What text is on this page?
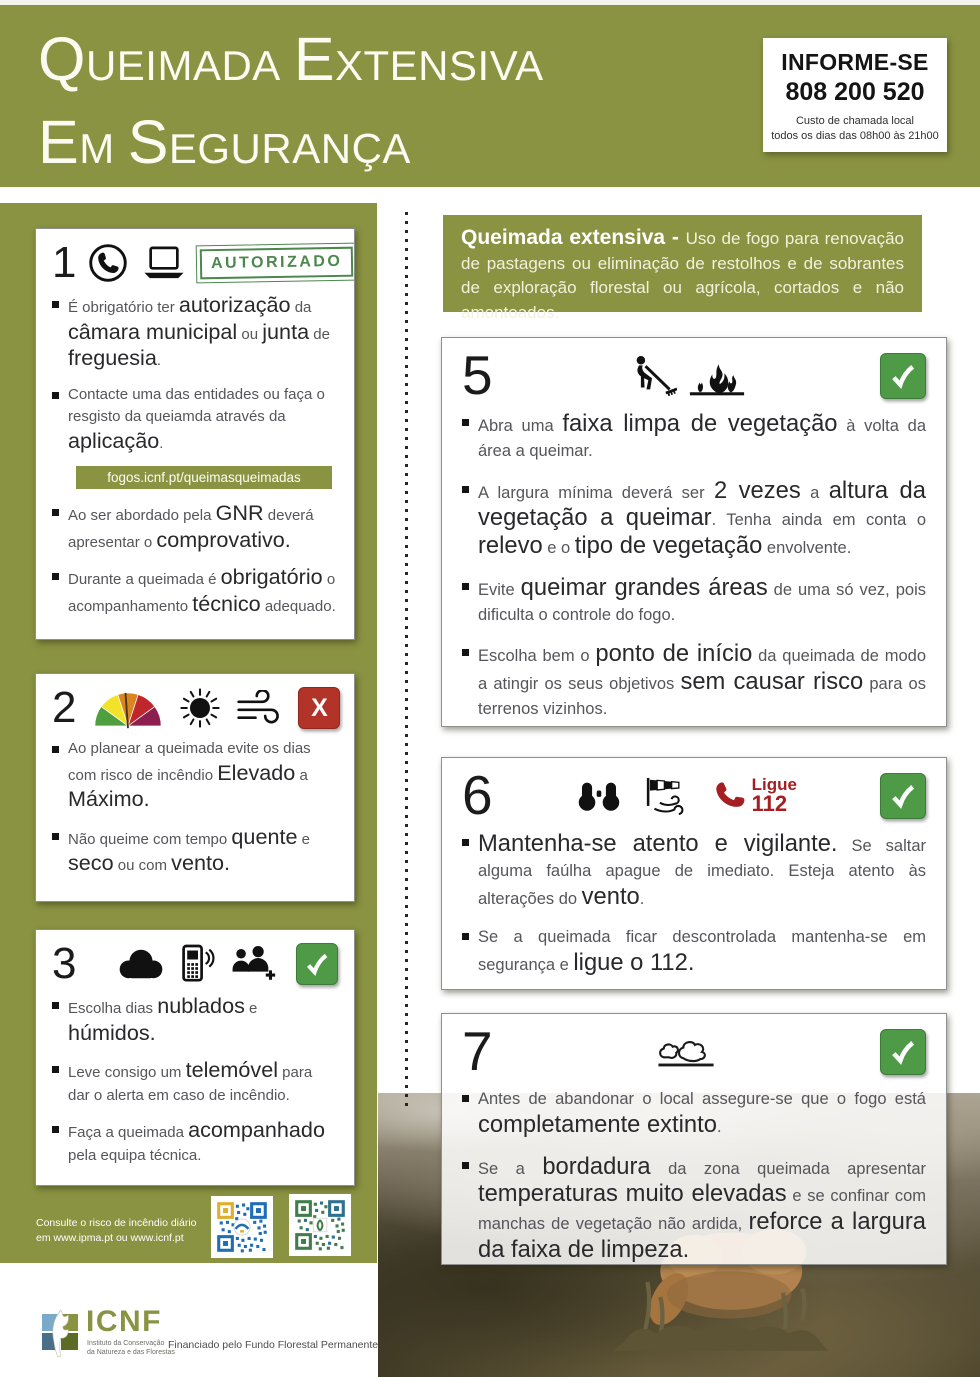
QUEIMADA EXTENSIVA
EM SEGURANÇA
INFORME-SE
808 200 520
Custo de chamada local
todos os dias das 08h00 às 21h00
1	AUTORIZADO

É obrigatório ter autorização da câmara municipal ou junta de freguesia.

Contacte uma das entidades ou faça o resgisto da queiamda através da aplicação.

fogos.icnf.pt/queimasqueimadas

Ao ser abordado pela GNR deverá apresentar o comprovativo.

Durante a queimada é obrigatório o acompanhamento técnico adequado.

2	X

Ao planear a queimada evite os dias com risco de incêndio Elevado a Máximo.

Não queime com tempo quente e seco ou com vento.

3

Escolha dias nublados e húmidos.

Leve consigo um telemóvel para dar o alerta em caso de incêndio.

Faça a queimada acompanhado pela equipa técnica.

Consulte o risco de incêndio diário
em www.ipma.pt ou www.icnf.pt
Queimada extensiva - Uso de fogo para renovação de pastagens ou eliminação de restolhos e de sobrantes de exploração florestal ou agrícola, cortados e não amontoados.
5

Abra uma faixa limpa de vegetação à volta da área a queimar.

A largura mínima deverá ser 2 vezes a altura da vegetação a queimar. Tenha ainda em conta o relevo e o tipo de vegetação envolvente.

Evite queimar grandes áreas de uma só vez, pois dificulta o controle do fogo.

Escolha bem o ponto de início da queimada de modo a atingir os seus objetivos sem causar risco para os terrenos vizinhos.

6	Ligue
112

Mantenha-se atento e vigilante. Se saltar alguma faúlha apague de imediato. Esteja atento às alterações do vento.

Se a queimada ficar descontrolada mantenha-se em segurança e ligue o 112.

7

Antes de abandonar o local assegure-se que o fogo está completamente extinto.

Se a bordadura da zona queimada apresentar temperaturas muito elevadas e se confinar com manchas de vegetação não ardida, reforce a largura da faixa de limpeza.

ICNF
Instituto da Conservação
da Natureza e das Florestas
Financiado pelo Fundo Florestal Permanente
